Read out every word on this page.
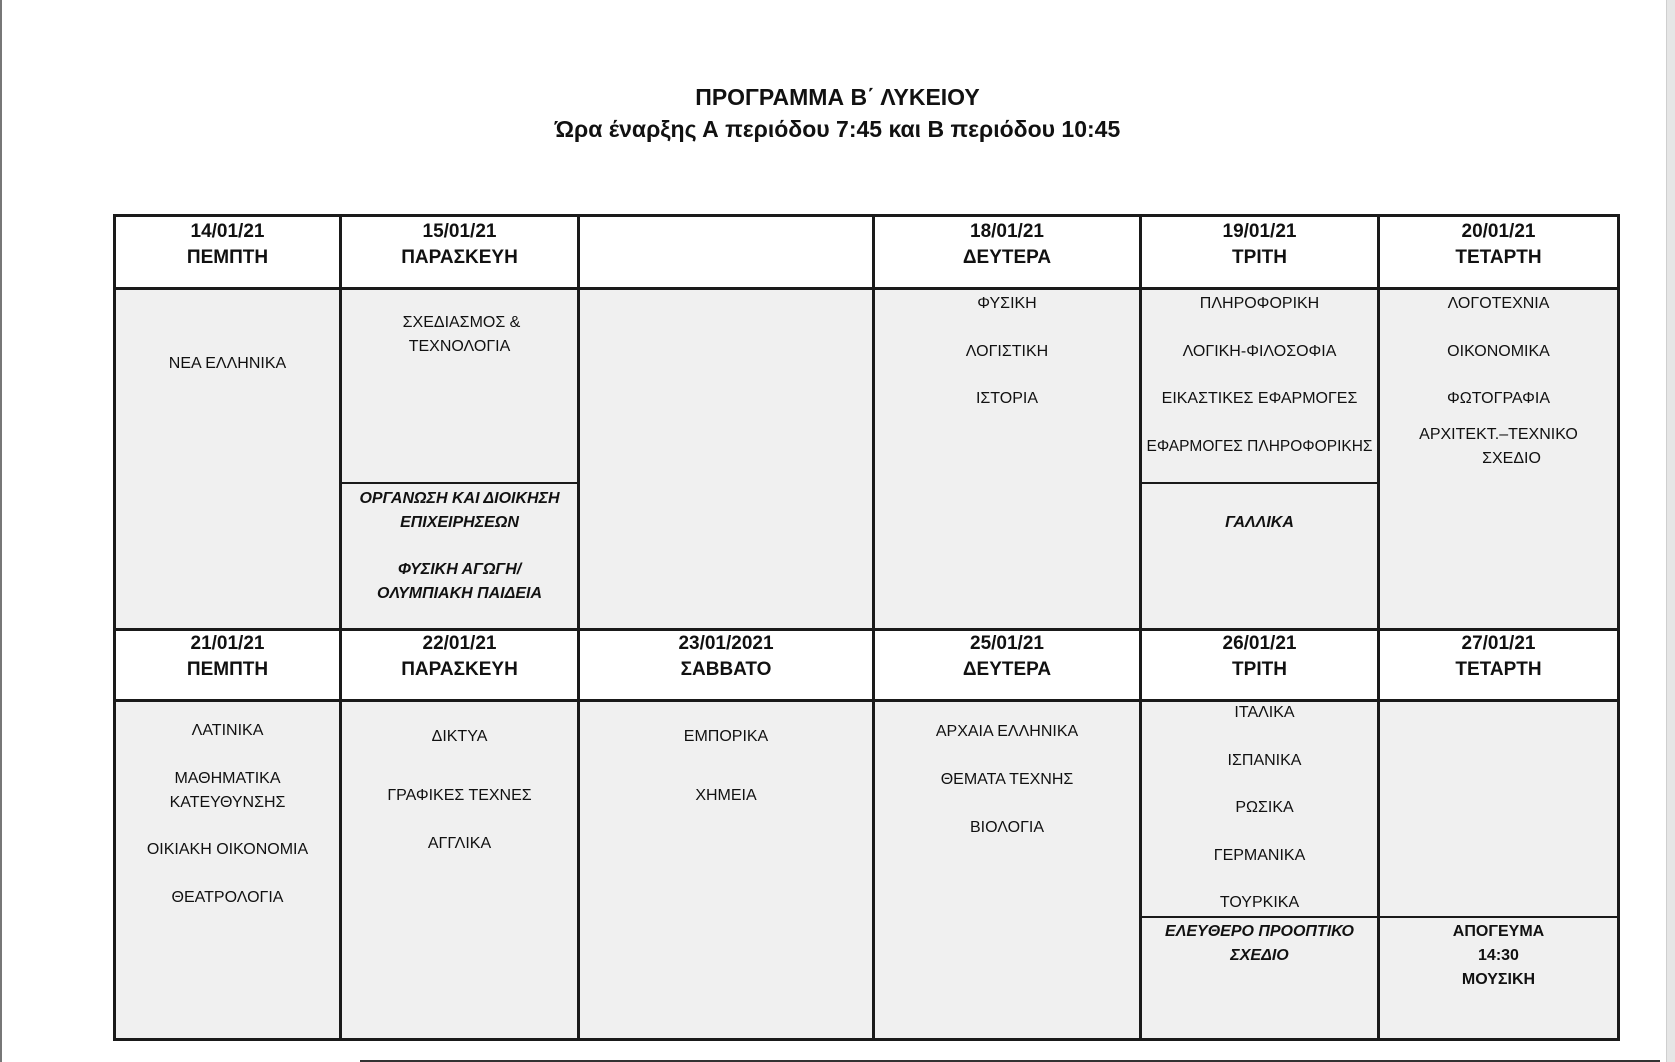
ΠΡΟΓΡΑΜΜΑ Β΄ ΛΥΚΕΙΟΥ
Ώρα έναρξης Α περιόδου 7:45 και Β περιόδου 10:45
14/01/21
ΠΕΜΠΤΗ
15/01/21
ΠΑΡΑΣΚΕΥΗ
18/01/21
ΔΕΥΤΕΡΑ
19/01/21
ΤΡΙΤΗ
20/01/21
ΤΕΤΑΡΤΗ
ΝΕΑ ΕΛΛΗΝΙΚΑ
ΣΧΕΔΙΑΣΜΟΣ &
ΤΕΧΝΟΛΟΓΙΑ
ΟΡΓΑΝΩΣΗ ΚΑΙ ΔΙΟΙΚΗΣΗ
ΕΠΙΧΕΙΡΗΣΕΩΝ
ΦΥΣΙΚΗ ΑΓΩΓΗ/
ΟΛΥΜΠΙΑΚΗ ΠΑΙΔΕΙΑ
ΦΥΣΙΚΗ
ΛΟΓΙΣΤΙΚΗ
ΙΣΤΟΡΙΑ
ΠΛΗΡΟΦΟΡΙΚΗ
ΛΟΓΙΚΗ-ΦΙΛΟΣΟΦΙΑ
ΕΙΚΑΣΤΙΚΕΣ ΕΦΑΡΜΟΓΕΣ
ΕΦΑΡΜΟΓΕΣ ΠΛΗΡΟΦΟΡΙΚΗΣ
ΓΑΛΛΙΚΑ
ΛΟΓΟΤΕΧΝΙΑ
ΟΙΚΟΝΟΜΙΚΑ
ΦΩΤΟΓΡΑΦΙΑ
ΑΡΧΙΤΕΚΤ.–ΤΕΧΝΙΚΟ
ΣΧΕΔΙΟ
21/01/21
ΠΕΜΠΤΗ
22/01/21
ΠΑΡΑΣΚΕΥΗ
23/01/2021
ΣΑΒΒΑΤΟ
25/01/21
ΔΕΥΤΕΡΑ
26/01/21
ΤΡΙΤΗ
27/01/21
ΤΕΤΑΡΤΗ
ΛΑΤΙΝΙΚΑ
ΜΑΘΗΜΑΤΙΚΑ
ΚΑΤΕΥΘΥΝΣΗΣ
ΟΙΚΙΑΚΗ ΟΙΚΟΝΟΜΙΑ
ΘΕΑΤΡΟΛΟΓΙΑ
ΔΙΚΤΥΑ
ΓΡΑΦΙΚΕΣ ΤΕΧΝΕΣ
ΑΓΓΛΙΚΑ
ΕΜΠΟΡΙΚΑ
ΧΗΜΕΙΑ
ΑΡΧΑΙΑ ΕΛΛΗΝΙΚΑ
ΘΕΜΑΤΑ ΤΕΧΝΗΣ
ΒΙΟΛΟΓΙΑ
ΙΤΑΛΙΚΑ
ΙΣΠΑΝΙΚΑ
ΡΩΣΙΚΑ
ΓΕΡΜΑΝΙΚΑ
ΤΟΥΡΚΙΚΑ
ΕΛΕΥΘΕΡΟ ΠΡΟΟΠΤΙΚΟ
ΣΧΕΔΙΟ
ΑΠΟΓΕΥΜΑ
14:30
ΜΟΥΣΙΚΗ
